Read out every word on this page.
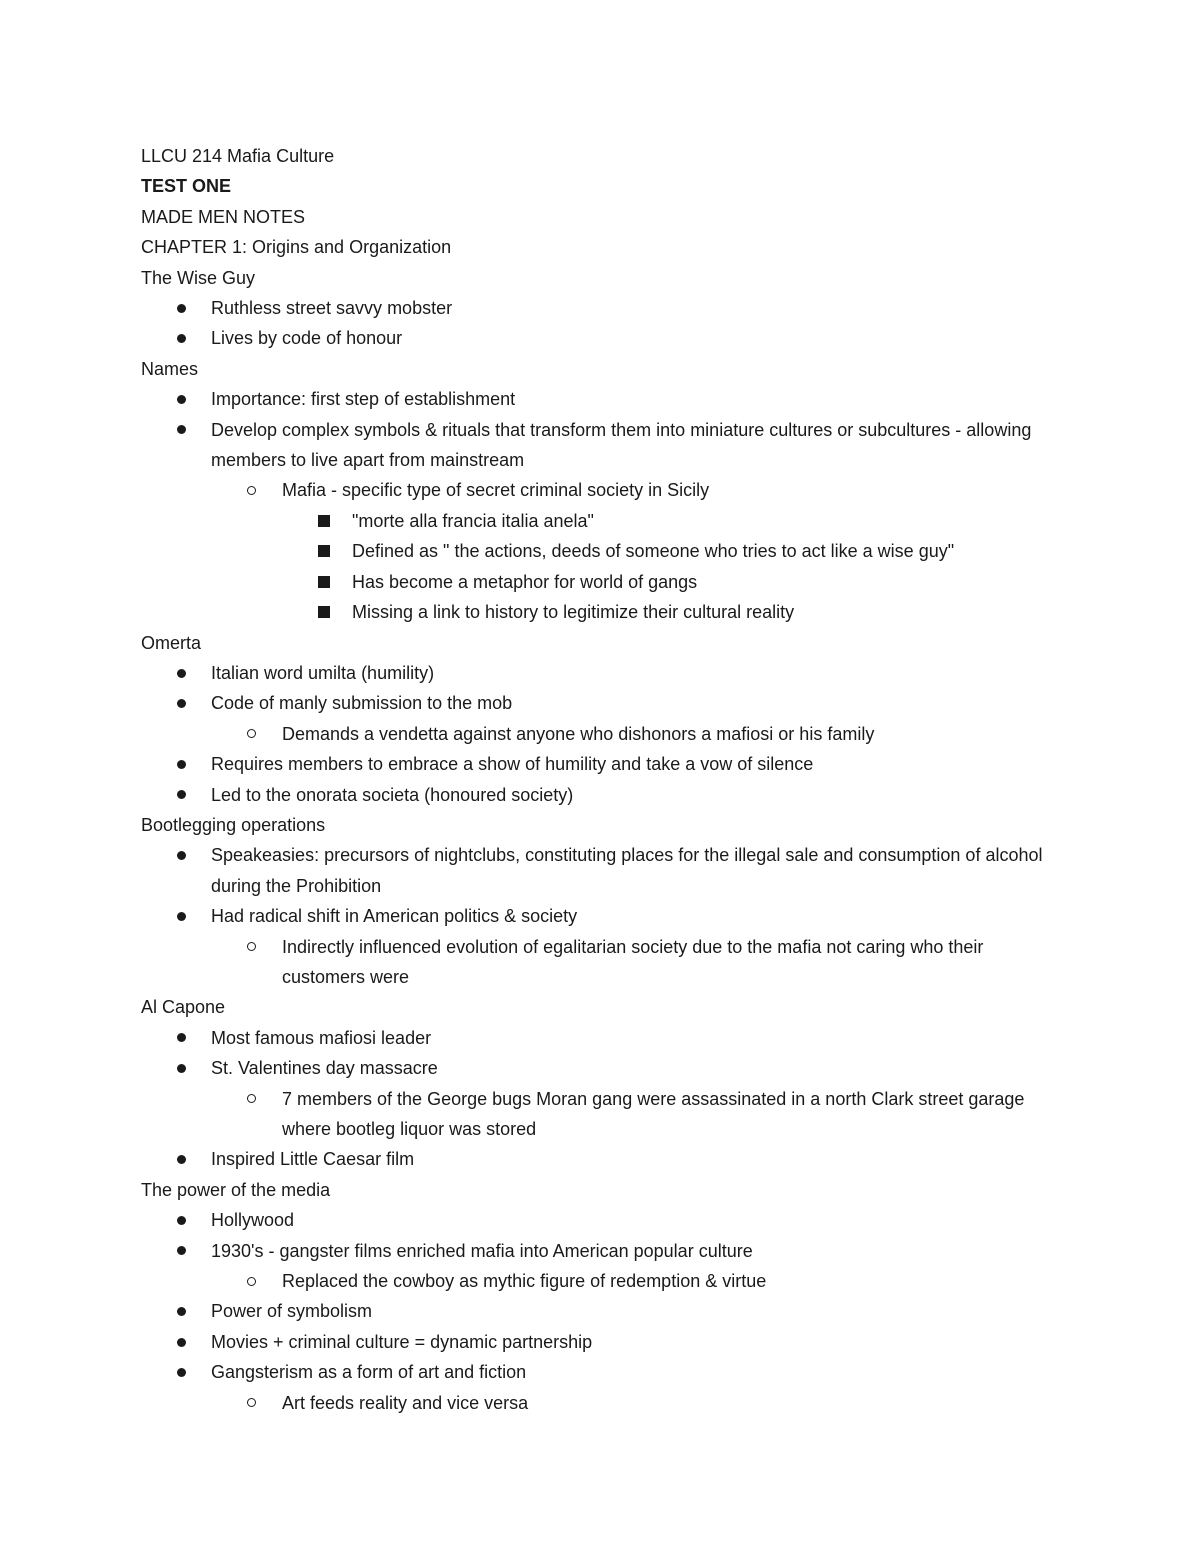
LLCU 214 Mafia Culture
TEST ONE
MADE MEN NOTES
CHAPTER 1: Origins and Organization
The Wise Guy
Ruthless street savvy mobster
Lives by code of honour
Names
Importance: first step of establishment
Develop complex symbols & rituals that transform them into miniature cultures or subcultures - allowing members to live apart from mainstream
Mafia - specific type of secret criminal society in Sicily
"morte alla francia italia anela"
Defined as " the actions, deeds of someone who tries to act like a wise guy"
Has become a metaphor for world of gangs
Missing a link to history to legitimize their cultural reality
Omerta
Italian word umilta (humility)
Code of manly submission to the mob
Demands a vendetta against anyone who dishonors a mafiosi or his family
Requires members to embrace a show of humility and take a vow of silence
Led to the onorata societa (honoured society)
Bootlegging operations
Speakeasies: precursors of nightclubs, constituting places for the illegal sale and consumption of alcohol during the Prohibition
Had radical shift in American politics & society
Indirectly influenced evolution of egalitarian society due to the mafia not caring who their customers were
Al Capone
Most famous mafiosi leader
St. Valentines day massacre
7 members of the George bugs Moran gang were assassinated in a north Clark street garage where bootleg liquor was stored
Inspired Little Caesar film
The power of the media
Hollywood
1930's - gangster films enriched mafia into American popular culture
Replaced the cowboy as mythic figure of redemption & virtue
Power of symbolism
Movies + criminal culture = dynamic partnership
Gangsterism as a form of art and fiction
Art feeds reality and vice versa
